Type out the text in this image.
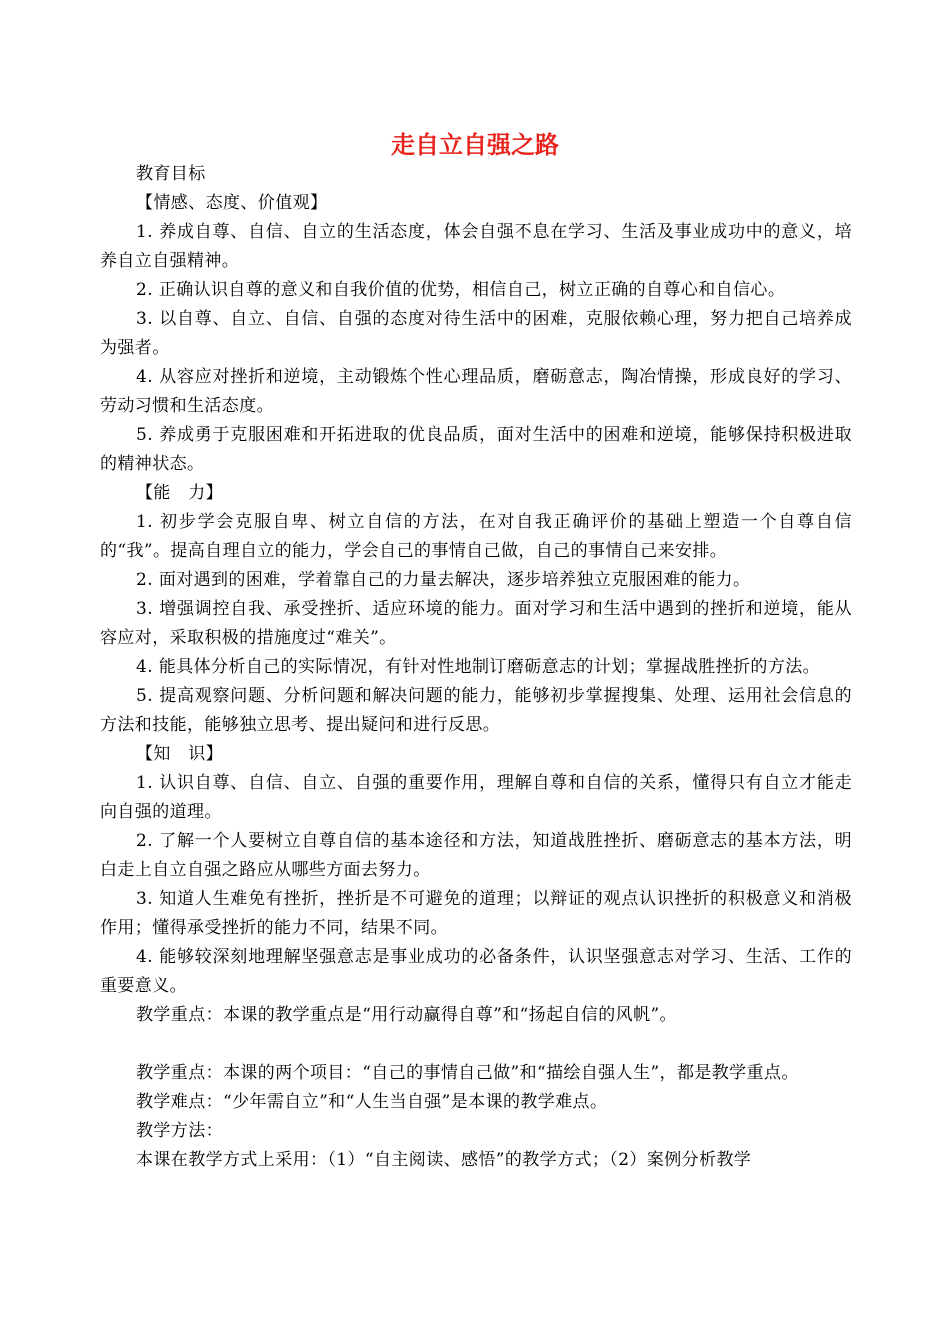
走自立自强之路

教育目标

【情感、态度、价值观】

1. 养成自尊、自信、自立的生活态度，体会自强不息在学习、生活及事业成功中的意义，培养自立自强精神。

2. 正确认识自尊的意义和自我价值的优势，相信自己，树立正确的自尊心和自信心。

3. 以自尊、自立、自信、自强的态度对待生活中的困难，克服依赖心理，努力把自己培养成为强者。

4. 从容应对挫折和逆境，主动锻炼个性心理品质，磨砺意志，陶冶情操，形成良好的学习、劳动习惯和生活态度。

5. 养成勇于克服困难和开拓进取的优良品质，面对生活中的困难和逆境，能够保持积极进取的精神状态。

【能　力】

1. 初步学会克服自卑、树立自信的方法，在对自我正确评价的基础上塑造一个自尊自信的“我”。提高自理自立的能力，学会自己的事情自己做，自己的事情自己来安排。

2. 面对遇到的困难，学着靠自己的力量去解决，逐步培养独立克服困难的能力。

3. 增强调控自我、承受挫折、适应环境的能力。面对学习和生活中遇到的挫折和逆境，能从容应对，采取积极的措施度过“难关”。

4. 能具体分析自己的实际情况，有针对性地制订磨砺意志的计划；掌握战胜挫折的方法。

5. 提高观察问题、分析问题和解决问题的能力，能够初步掌握搜集、处理、运用社会信息的方法和技能，能够独立思考、提出疑问和进行反思。

【知　识】

1. 认识自尊、自信、自立、自强的重要作用，理解自尊和自信的关系，懂得只有自立才能走向自强的道理。

2. 了解一个人要树立自尊自信的基本途径和方法，知道战胜挫折、磨砺意志的基本方法，明白走上自立自强之路应从哪些方面去努力。

3. 知道人生难免有挫折，挫折是不可避免的道理；以辩证的观点认识挫折的积极意义和消极作用；懂得承受挫折的能力不同，结果不同。

4. 能够较深刻地理解坚强意志是事业成功的必备条件，认识坚强意志对学习、生活、工作的重要意义。

教学重点：本课的教学重点是“用行动赢得自尊”和“扬起自信的风帆”。

教学重点：本课的两个项目：“自己的事情自己做”和“描绘自强人生”，都是教学重点。

教学难点：“少年需自立”和“人生当自强”是本课的教学难点。

教学方法：

本课在教学方式上采用：（1）“自主阅读、感悟”的教学方式；（2）案例分析教学
